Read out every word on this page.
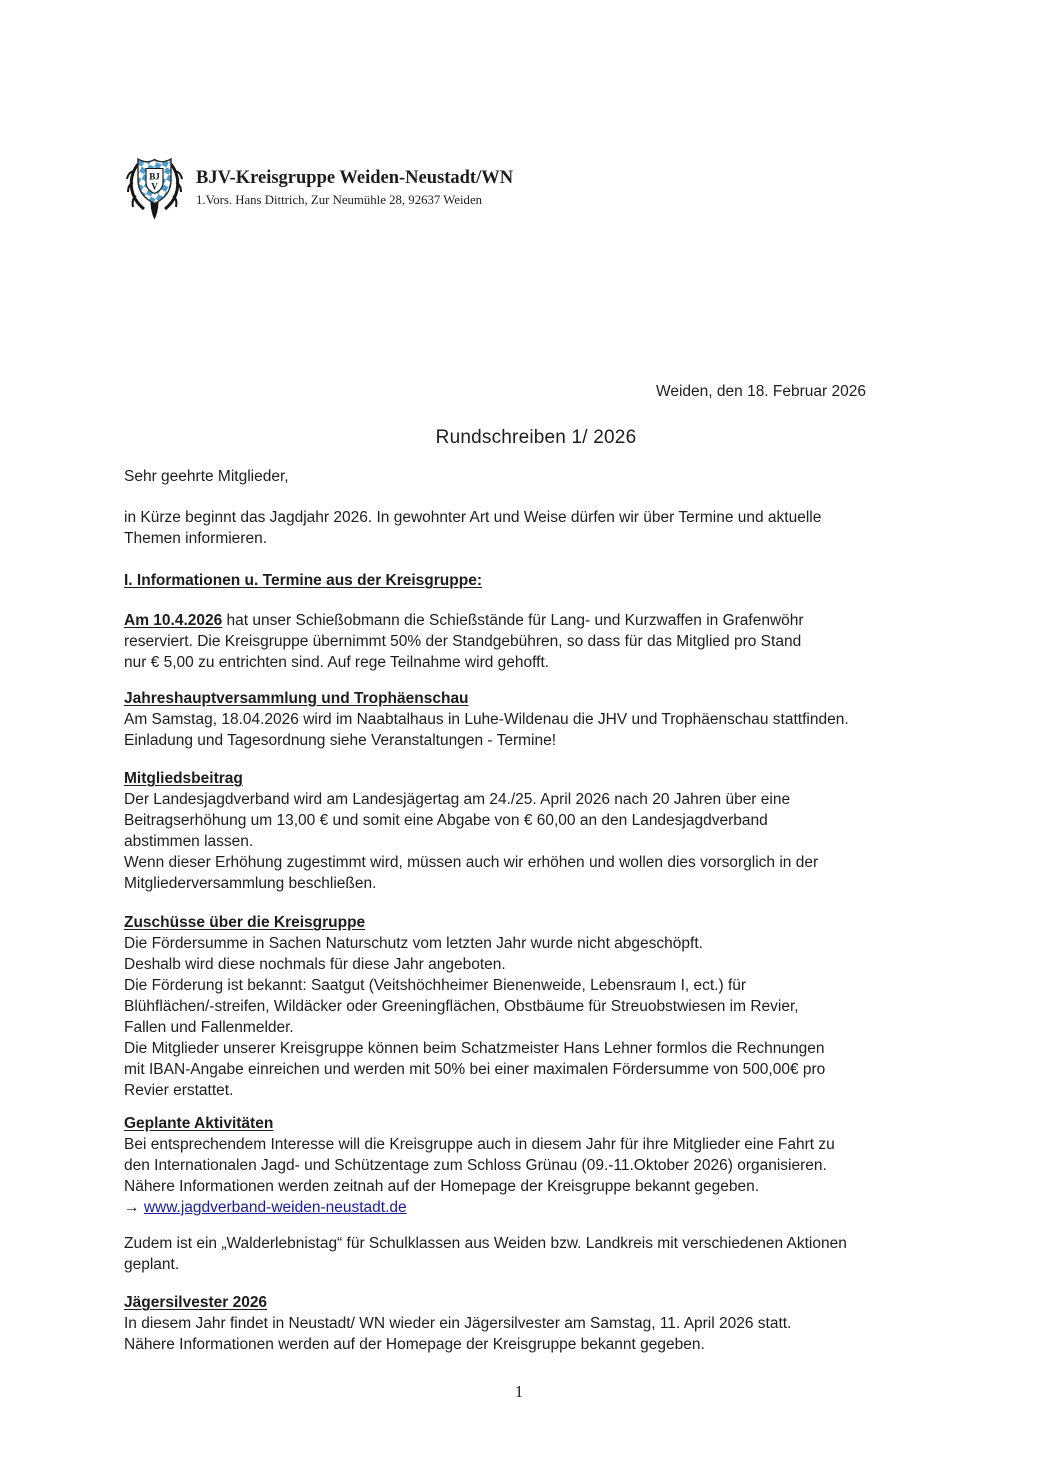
BJ
V BJV-Kreisgruppe Weiden-Neustadt/WN
1.Vors. Hans Dittrich, Zur Neumühle 28, 92637 Weiden
Weiden, den 18. Februar 2026
Rundschreiben 1/ 2026
Sehr geehrte Mitglieder,
in Kürze beginnt das Jagdjahr 2026. In gewohnter Art und Weise dürfen wir über Termine und aktuelle
Themen informieren.
I. Informationen u. Termine aus der Kreisgruppe:
Am 10.4.2026 hat unser Schießobmann die Schießstände für Lang- und Kurzwaffen in Grafenwöhr
reserviert. Die Kreisgruppe übernimmt 50% der Standgebühren, so dass für das Mitglied pro Stand
nur € 5,00 zu entrichten sind. Auf rege Teilnahme wird gehofft.
Jahreshauptversammlung und Trophäenschau
Am Samstag, 18.04.2026 wird im Naabtalhaus in Luhe-Wildenau die JHV und Trophäenschau stattfinden.
Einladung und Tagesordnung siehe Veranstaltungen - Termine!
Mitgliedsbeitrag
Der Landesjagdverband wird am Landesjägertag am 24./25. April 2026 nach 20 Jahren über eine
Beitragserhöhung um 13,00 € und somit eine Abgabe von € 60,00 an den Landesjagdverband
abstimmen lassen.
Wenn dieser Erhöhung zugestimmt wird, müssen auch wir erhöhen und wollen dies vorsorglich in der
Mitgliederversammlung beschließen.
Zuschüsse über die Kreisgruppe
Die Fördersumme in Sachen Naturschutz vom letzten Jahr wurde nicht abgeschöpft.
Deshalb wird diese nochmals für diese Jahr angeboten.
Die Förderung ist bekannt: Saatgut (Veitshöchheimer Bienenweide, Lebensraum I, ect.) für
Blühflächen/-streifen, Wildäcker oder Greeningflächen, Obstbäume für Streuobstwiesen im Revier,
Fallen und Fallenmelder.
Die Mitglieder unserer Kreisgruppe können beim Schatzmeister Hans Lehner formlos die Rechnungen
mit IBAN-Angabe einreichen und werden mit 50% bei einer maximalen Fördersumme von 500,00€ pro
Revier erstattet.
Geplante Aktivitäten
Bei entsprechendem Interesse will die Kreisgruppe auch in diesem Jahr für ihre Mitglieder eine Fahrt zu
den Internationalen Jagd- und Schützentage zum Schloss Grünau (09.-11.Oktober 2026) organisieren.
Nähere Informationen werden zeitnah auf der Homepage der Kreisgruppe bekannt gegeben.
→ www.jagdverband-weiden-neustadt.de
Zudem ist ein „Walderlebnistag“ für Schulklassen aus Weiden bzw. Landkreis mit verschiedenen Aktionen
geplant.
Jägersilvester 2026
In diesem Jahr findet in Neustadt/ WN wieder ein Jägersilvester am Samstag, 11. April 2026 statt.
Nähere Informationen werden auf der Homepage der Kreisgruppe bekannt gegeben.
1
